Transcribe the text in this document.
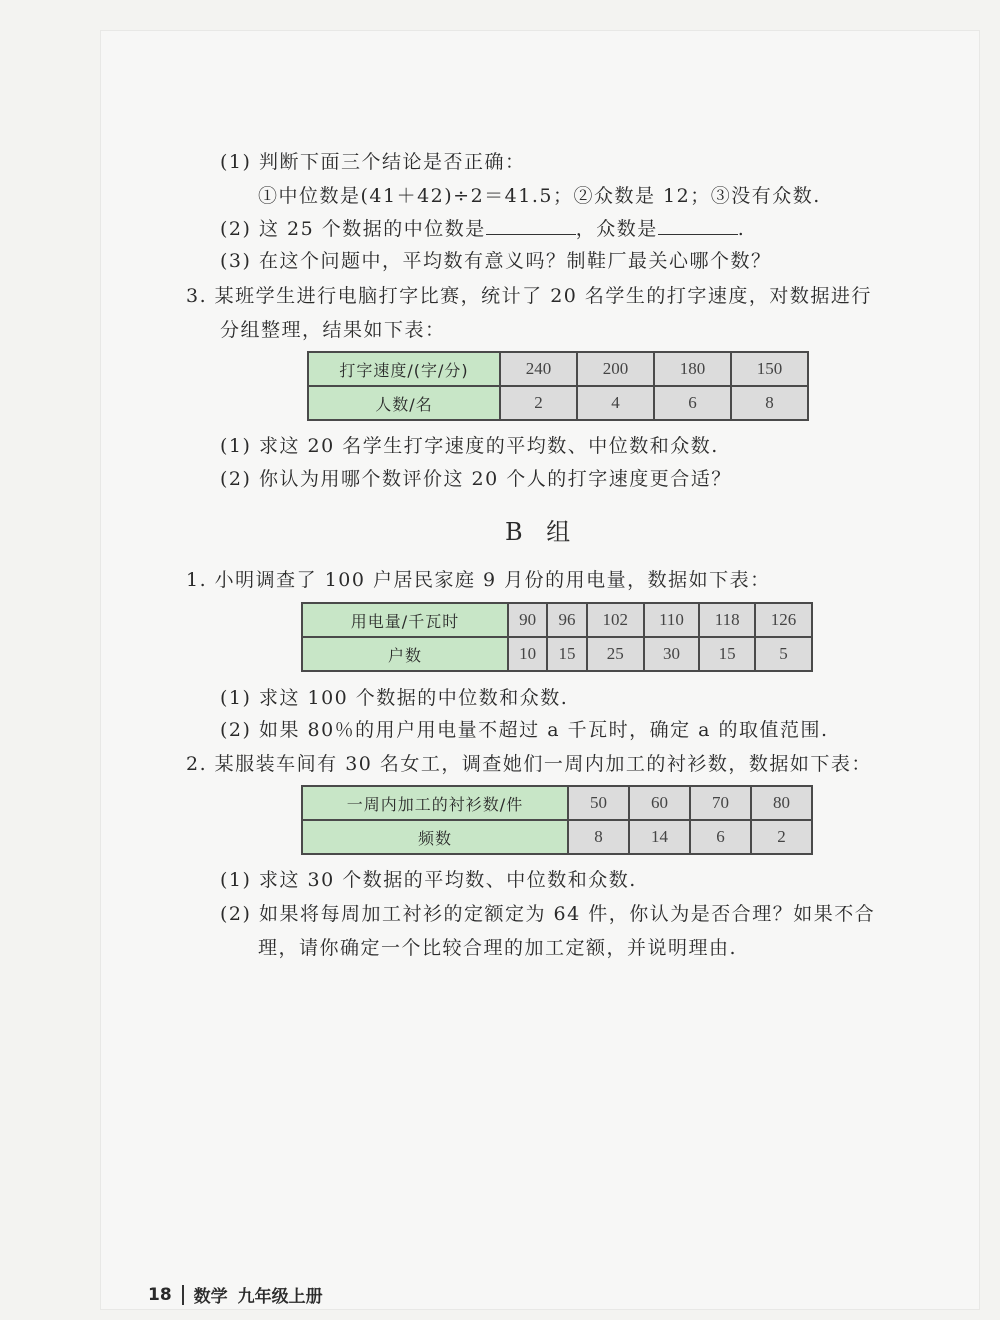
(1) 判断下面三个结论是否正确：
①中位数是(41＋42)÷2＝41.5；②众数是 12；③没有众数.
(2) 这 25 个数据的中位数是	，众数是	.
(3) 在这个问题中，平均数有意义吗？制鞋厂最关心哪个数？
3. 某班学生进行电脑打字比赛，统计了 20 名学生的打字速度，对数据进行
分组整理，结果如下表：
打字速度/(字/分)	240	200	180	150
人数/名	2	4	6	8
(1) 求这 20 名学生打字速度的平均数、中位数和众数.
(2) 你认为用哪个数评价这 20 个人的打字速度更合适？
B 组
1. 小明调查了 100 户居民家庭 9 月份的用电量，数据如下表：
用电量/千瓦时	90	96	102	110	118	126
户数	10	15	25	30	15	5
(1) 求这 100 个数据的中位数和众数.
(2) 如果 80％的用户用电量不超过 a 千瓦时，确定 a 的取值范围.
2. 某服装车间有 30 名女工，调查她们一周内加工的衬衫数，数据如下表：
一周内加工的衬衫数/件	50	60	70	80
频数	8	14	6	2
(1) 求这 30 个数据的平均数、中位数和众数.
(2) 如果将每周加工衬衫的定额定为 64 件，你认为是否合理？如果不合
理，请你确定一个比较合理的加工定额，并说明理由.
18 数学 九年级上册
